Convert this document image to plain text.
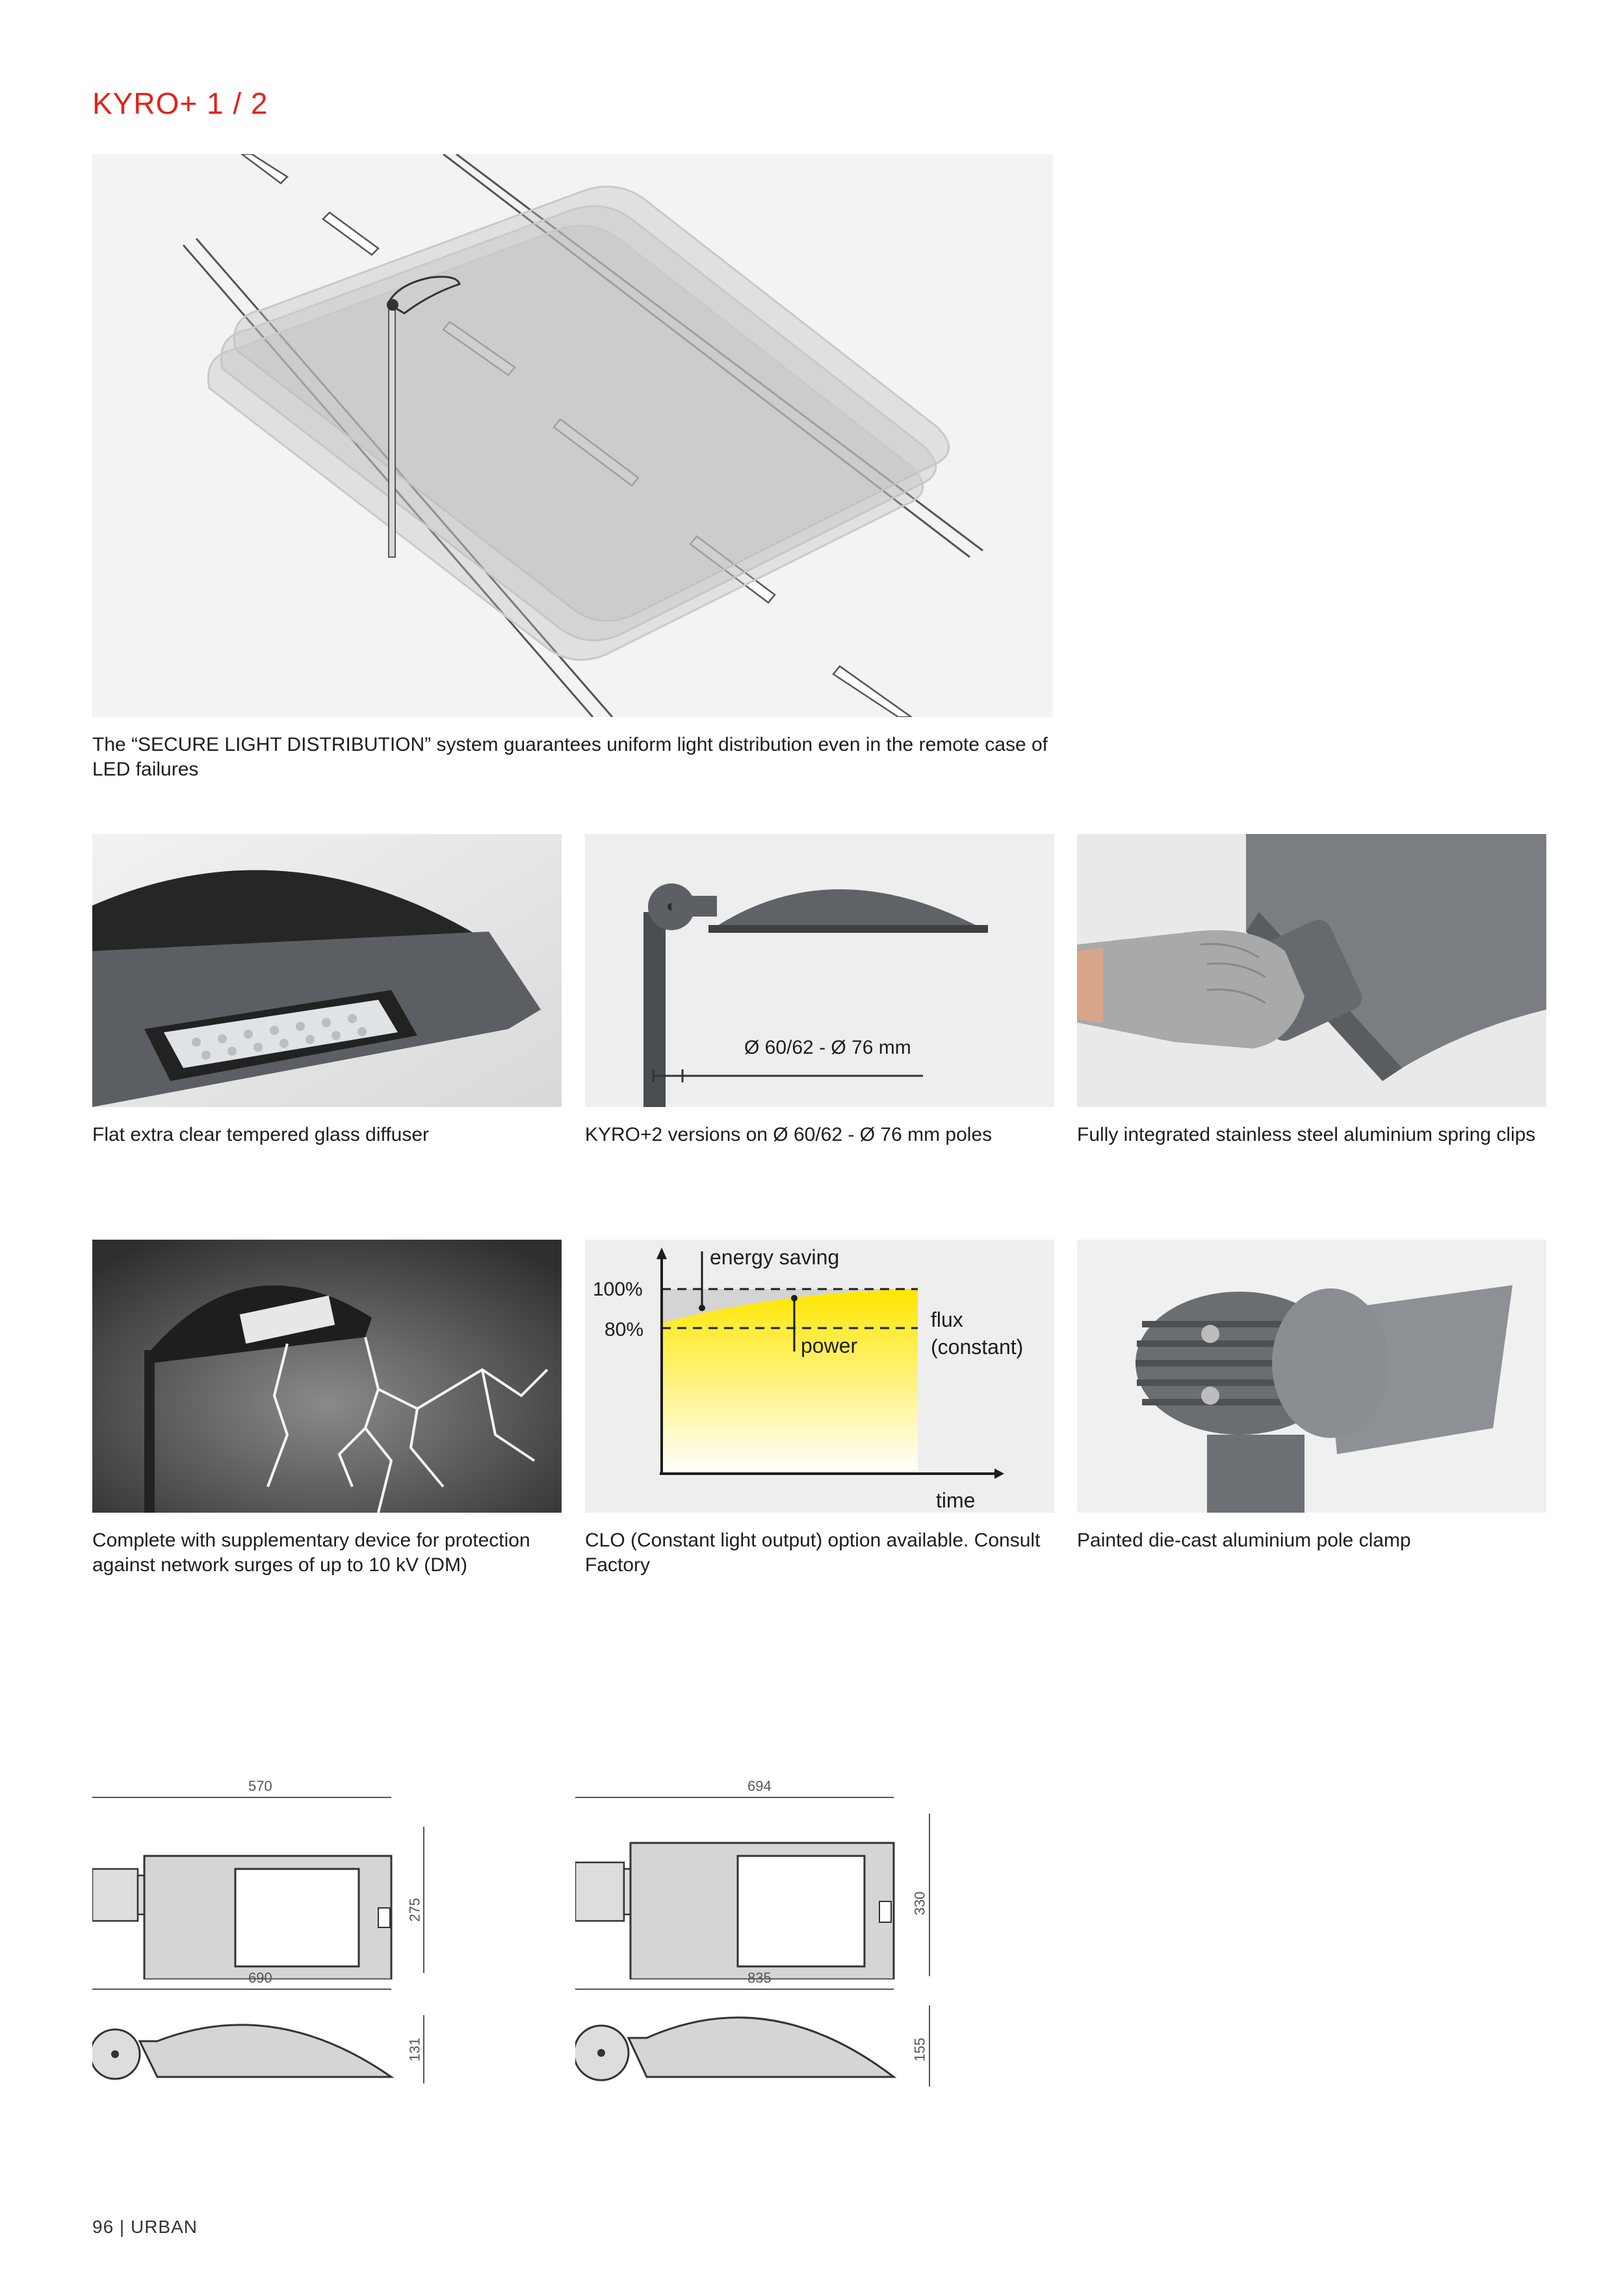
KYRO+ 1 / 2
The “SECURE LIGHT DISTRIBUTION” system guarantees uniform light distribution even in the remote case of LED failures
Flat extra clear tempered glass diffuser
Ø 60/62 - Ø 76 mm
KYRO+2 versions on Ø 60/62 - Ø 76 mm poles	Fully integrated stainless steel aluminium spring clips
Complete with supplementary device for protection against network surges of up to 10 kV (DM)
energy saving
100%
80%
power
flux
(constant)
time
CLO (Constant light output) option available. Consult Factory
Painted die-cast aluminium pole clamp
570
275
690
131
694
330
835
155
96 | URBAN
